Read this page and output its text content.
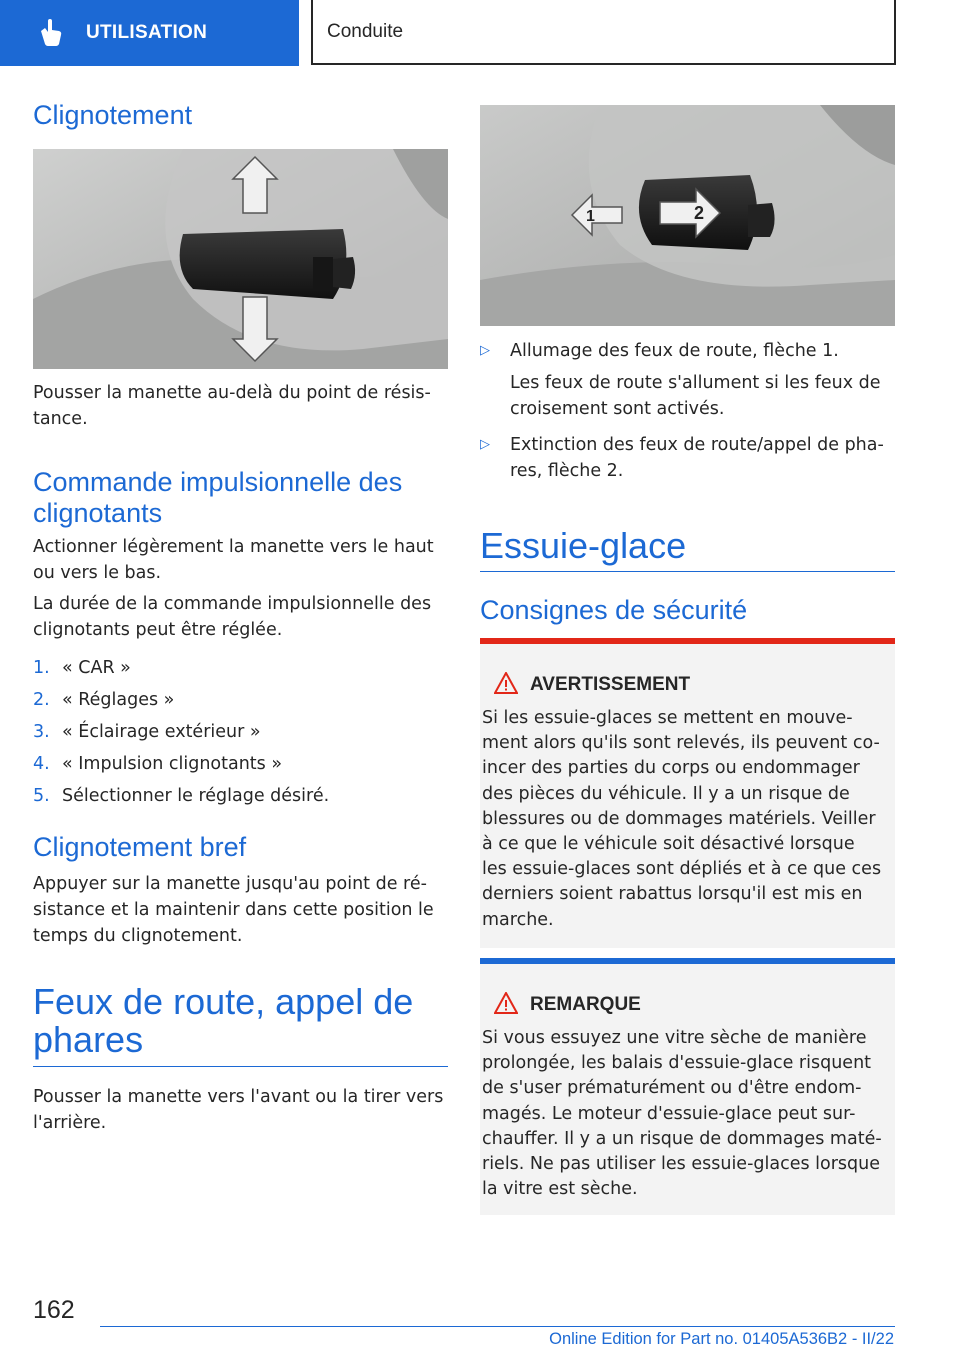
UTILISATION	Conduite
Clignotement
Pousser la manette au-delà du point de résis-tance.
Commande impulsionnelle des clignotants
Actionner légèrement la manette vers le haut ou vers le bas.
La durée de la commande impulsionnelle des clignotants peut être réglée.
1. « CAR »
2. « Réglages »
3. « Éclairage extérieur »
4. « Impulsion clignotants »
5. Sélectionner le réglage désiré.
Clignotement bref
Appuyer sur la manette jusqu'au point de ré-sistance et la maintenir dans cette position le temps du clignotement.
Feux de route, appel de phares
Pousser la manette vers l'avant ou la tirer vers l'arrière.
1	2
▷	Allumage des feux de route, flèche 1.
Les feux de route s'allument si les feux de croisement sont activés.
▷	Extinction des feux de route/appel de pha-res, flèche 2.
Essuie-glace
Consignes de sécurité
AVERTISSEMENT
Si les essuie-glaces se mettent en mouve-ment alors qu'ils sont relevés, ils peuvent co-incer des parties du corps ou endommager des pièces du véhicule. Il y a un risque de blessures ou de dommages matériels. Veiller à ce que le véhicule soit désactivé lorsque les essuie-glaces sont dépliés et à ce que ces derniers soient rabattus lorsqu'il est mis en marche.
REMARQUE
Si vous essuyez une vitre sèche de manière prolongée, les balais d'essuie-glace risquent de s'user prématurément ou d'être endom-magés. Le moteur d'essuie-glace peut sur-chauffer. Il y a un risque de dommages maté-riels. Ne pas utiliser les essuie-glaces lorsque la vitre est sèche.
162
Online Edition for Part no. 01405A536B2 - II/22
